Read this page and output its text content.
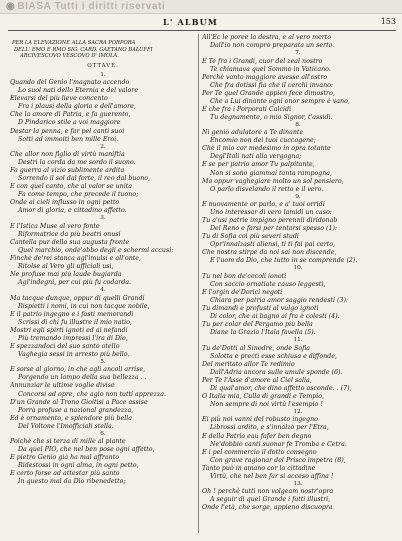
◉ BIASA Tutti i diritti riservati
L' ALBUM	153
PER LA ELEVAZIONE ALLA SACRA PORPORA
DELL' EMO E RMO SIG. CARD. GAETANO BALUFFI
ARCIVESCOVO VESCOVO D' IMOLA.
OTTAVE.
1.
Quando del Genio l'magnato accendo
Lo suol nati dello Eternia e del valore
Elevarsi del più lieve concento
Fra i plausi della gloria e dell'amore,
Che la amore di Patria, e fa guerento,
D Pindarico stile a voi maggiore
Destar la penna, e far pel canti suoi
Sotti ad immoiti ben mille Eroi.
2.
Che allor non figlio di virtù maniftia
Destri la corda da me sordo il suono.
Fa guerra al vizio sublimente ardita
Sorrendo il sol dal forte, il reo dal buono,
E con quel canto, che al valor se unita
Fa come tempo, che precede il tuono;
Onde ai cieli influsso in ogni petto
Amor di gloria, e cittadino affetto.
3.
E l'Istica Muse al vero fonte
Riformatrice da più beatri onusi
Cantella pur della sua augusta fronte
Quel marchio, onde'abbo degli e schermi accusi:
Finchè de'rei stanca agl'imulsi e all'onte,
Ritolse al Vero gli ufficiali usi,
Ne profuse mai più laude bugiarda
Agl'indegni, per cui più fu codarda.
4.
Ma tacque dunque, oppur di quelli Grandi
Rispietti i nomi, in cui non tacque nobile,
E il patrio ingegno e i fasti memorandi
Scrissi di chi fu illustre il mio natio,
Mostri egli spirti ignoti ed ai nefandi
Più tremando impressi l'ira di Dio,
E spezzandoci del suo santo otello
Vaghegia sessi in arresto più bello.
5.
E sorse al giorno, in che agli ancoli arrise,
Porgendo un lampo della sua bellezza . .
Annunziar le ultime voglie divise
Concorsi ad opre, che agio non tutti apprezza.
D'un Grande al Trono Gioitisi a Pace assise
Porrà profuse a nazional grandezza,
Ed è ornamento, e splendore più bella
Del Voltone l'Imofficiali stella.
6.
Poichè che si terza di mille al piante
Da quel PIO, che nel ben pose ogni affetto,
E pietro Genio già ha mal affranto
Ridestossi in ogni alma, in ogni petto,
E certo forse ad attestar più santo
In questo mal da Dio ribenedetto;
All'Ec le poree la destra, e al vero merto
Dall'io non compro preparata un serto.
7.
E Te fra i Grandi, cuor del zeal nostro
Te chiamava quel Sommo in Vaticano.
Perchè vanto maggiore avesse all'ostro
Che fra dotissi fia che il cerchi invano:
Per Te quel Grande appien fece dimostro,
Che a Lui dinante ogni onor sempre è vano,
E che fra i Porporati Calcidi
Tu degnamente, o mio Signor, t'assidi.
8.
Ni genio adulatore a Te dinante
Encomio non dei tuoi cuccogene;
Chè il mio cor medesimo in opra totante
Degl'Itali nati alla vergogna;
E se per patrio amor Tu palpitante,
Non si sono giammai tanta rampogna,
Ma oppur vaghegiare molto un sol pensiero,
O parlo disvelando il retto e il vero.
9.
E nuovamente or parlo, e a' tuoi orridi
Uno interessar di vero lamidi un caso:
Tu a'usi patrie impigno perennii diridonab
Del Reno e farsi per tentarsi spesso (1):
Tu di Sofia coi più severi studi
Opr'innalzasti aliensi, ti ti fai pai certo,
Che nostra stirpe da noi sai non discende,
E l'uom da Dio, che tutto in se comprende (2).
10.
Tu nel bon de'cecoli ionoti
Con saccio ornatiate causo leggesti,
E l'orgin de'Dorici negoti
Chiara per patria amor saggio rendesti (3):
Tu dimandi e profusti al vulgo ignoti
Di color, che ai bagno ai fra è colesti (4).
Tu per colar del Pergamo più bella
Diane la Grazia l'Itala favella (5).
11.
Tu de'Dotti al Sinodre, onde Sofia
Solotta e precti esse schiusa e diffonde,
Del meritato allor Te redimio
Dall'Adria ancora sulle umule sponde (6).
Per Te l'Asse d'amore al Ciel salia,
Di qual'amor, che dino affetto asconde. . (7),
O Italia mia, Culla di grandi e Tempio,
Non sempre di noi virtù l'esempio !
12.
Ei più noi vanni del robusto ingegno
Librossi ardito, e s'innalzò per l'Etra,
E della Patria eau fafer ben degno
Ne'dobbio canti suonar fe Tromba e Cetra.
E i pel commercio il dotto consegno
Con grave ragionar del Prisco impetra (8),
Tanto può in amano cor la cittadine
Virtù, che nel ben far si acceso affina !
13.
Oh ! perchè tutti non volgeam nostr'opra
A seguir di quel Grande i fatti illustri,
Onde l'età, che sorge, appieno discuopra
